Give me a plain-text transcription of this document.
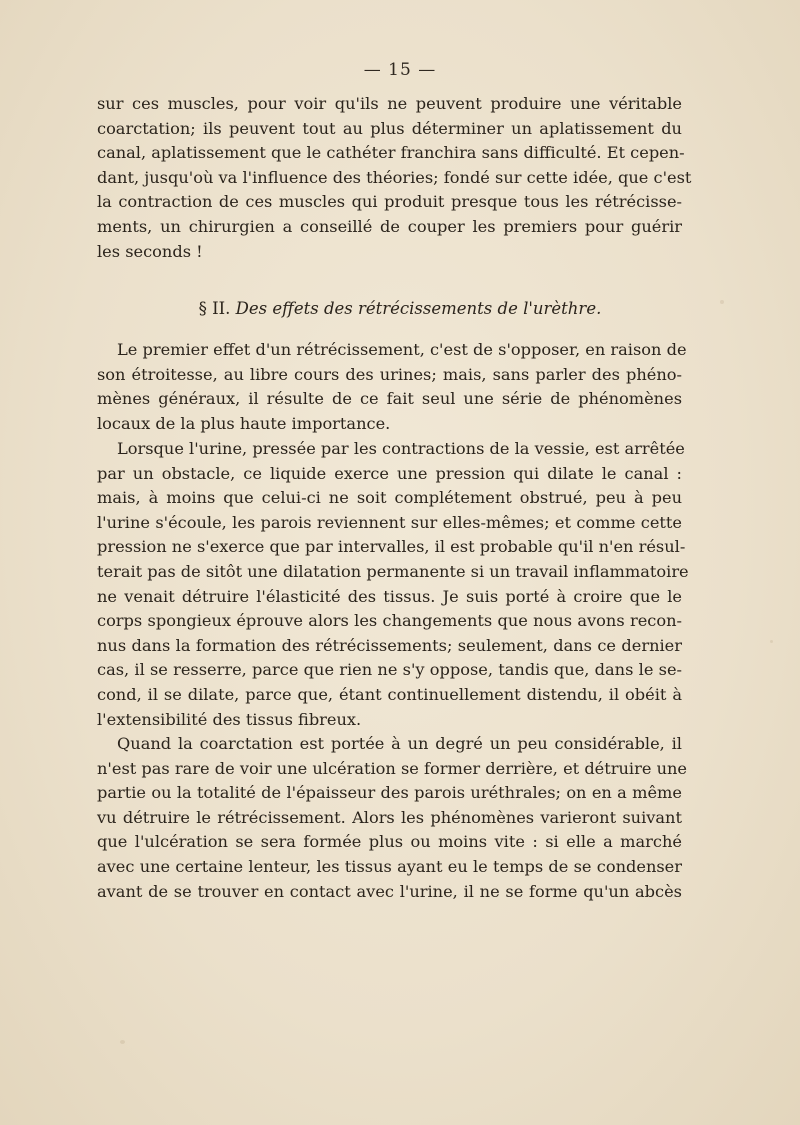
— 15 —
sur ces muscles, pour voir qu'ils ne peuvent produire une véritable
coarctation; ils peuvent tout au plus déterminer un aplatissement du
canal, aplatissement que le cathéter franchira sans difficulté. Et cepen-
dant, jusqu'où va l'influence des théories; fondé sur cette idée, que c'est
la contraction de ces muscles qui produit presque tous les rétrécisse-
ments, un chirurgien a conseillé de couper les premiers pour guérir
les seconds !
§ II. Des effets des rétrécissements de l'urèthre.
Le premier effet d'un rétrécissement, c'est de s'opposer, en raison de
son étroitesse, au libre cours des urines; mais, sans parler des phéno-
mènes généraux, il résulte de ce fait seul une série de phénomènes
locaux de la plus haute importance.
Lorsque l'urine, pressée par les contractions de la vessie, est arrêtée
par un obstacle, ce liquide exerce une pression qui dilate le canal :
mais, à moins que celui-ci ne soit complétement obstrué, peu à peu
l'urine s'écoule, les parois reviennent sur elles-mêmes; et comme cette
pression ne s'exerce que par intervalles, il est probable qu'il n'en résul-
terait pas de sitôt une dilatation permanente si un travail inflammatoire
ne venait détruire l'élasticité des tissus. Je suis porté à croire que le
corps spongieux éprouve alors les changements que nous avons recon-
nus dans la formation des rétrécissements; seulement, dans ce dernier
cas, il se resserre, parce que rien ne s'y oppose, tandis que, dans le se-
cond, il se dilate, parce que, étant continuellement distendu, il obéit à
l'extensibilité des tissus fibreux.
Quand la coarctation est portée à un degré un peu considérable, il
n'est pas rare de voir une ulcération se former derrière, et détruire une
partie ou la totalité de l'épaisseur des parois uréthrales; on en a même
vu détruire le rétrécissement. Alors les phénomènes varieront suivant
que l'ulcération se sera formée plus ou moins vite : si elle a marché
avec une certaine lenteur, les tissus ayant eu le temps de se condenser
avant de se trouver en contact avec l'urine, il ne se forme qu'un abcès
